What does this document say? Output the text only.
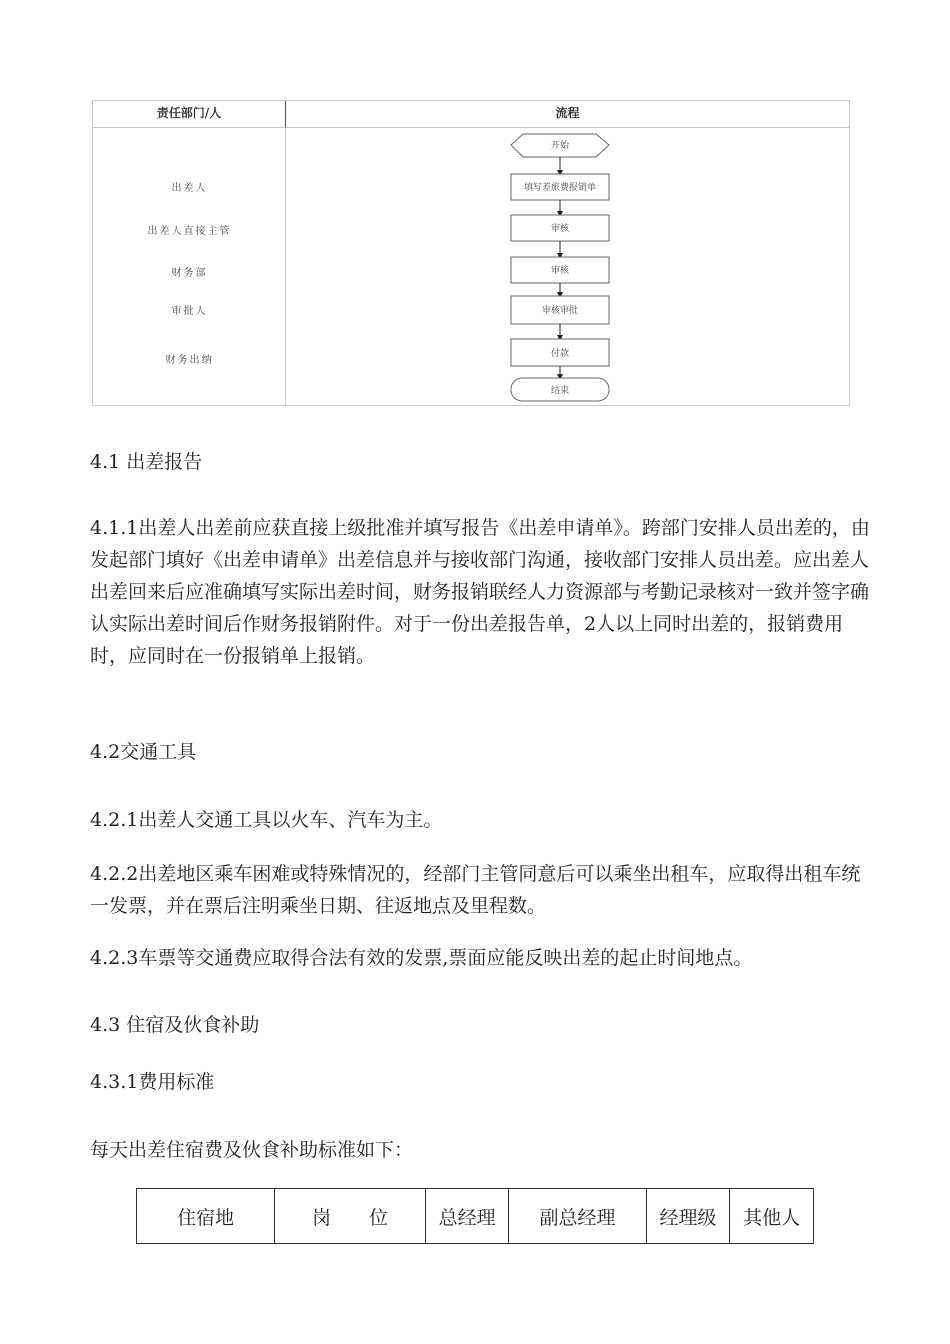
责任部门/人	流程
出差人
出差人直接主管
财务部
审批人
财务出纳
开始
填写差旅费报销单
审核
审核
审核审批
付款
结束
4.1 出差报告
4.1.1出差人出差前应获直接上级批准并填写报告《出差申请单》。跨部门安排人员出差的，由发起部门填好《出差申请单》出差信息并与接收部门沟通，接收部门安排人员出差。应出差人出差回来后应准确填写实际出差时间，财务报销联经人力资源部与考勤记录核对一致并签字确认实际出差时间后作财务报销附件。对于一份出差报告单，2人以上同时出差的，报销费用时，应同时在一份报销单上报销。
4.2交通工具
4.2.1出差人交通工具以火车、汽车为主。
4.2.2出差地区乘车困难或特殊情况的，经部门主管同意后可以乘坐出租车，应取得出租车统一发票，并在票后注明乘坐日期、往返地点及里程数。
4.2.3车票等交通费应取得合法有效的发票,票面应能反映出差的起止时间地点。
4.3 住宿及伙食补助
4.3.1费用标准
每天出差住宿费及伙食补助标准如下：
住宿地	岗　　位	总经理	副总经理	经理级	其他人
